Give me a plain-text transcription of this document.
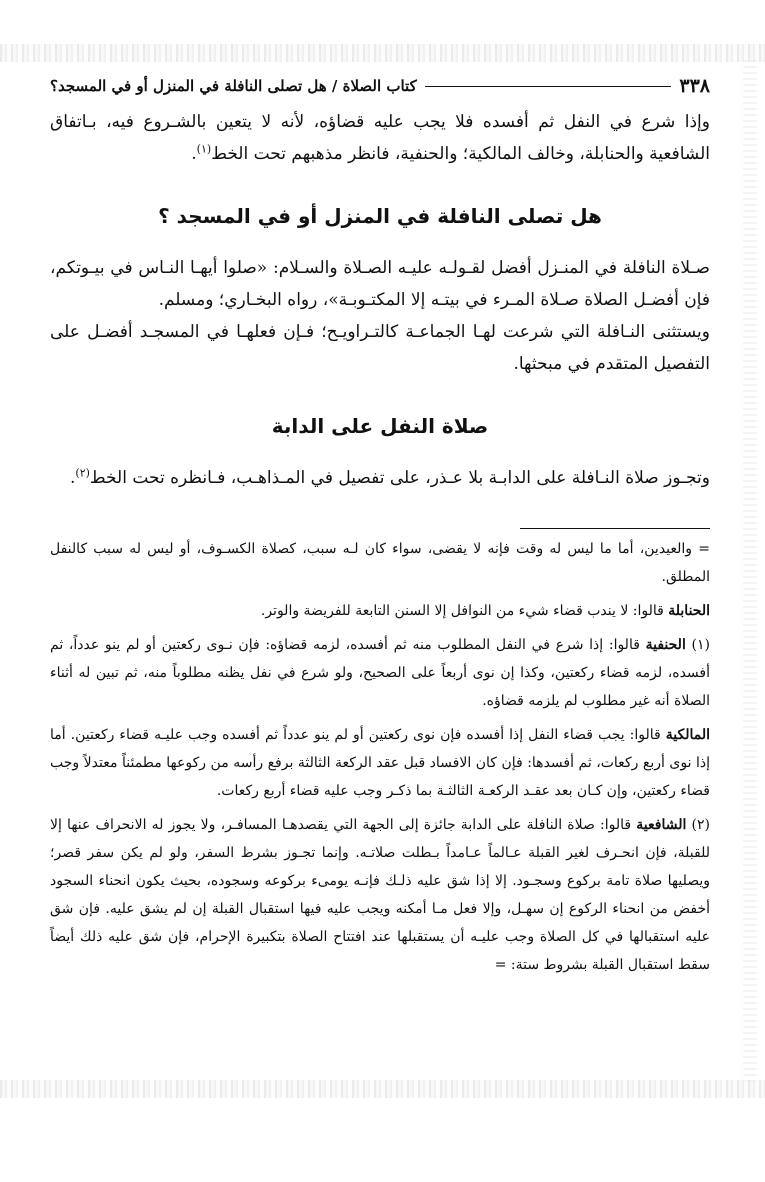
٣٣٨
كتاب الصلاة / هل تصلى النافلة في المنزل أو في المسجد؟

وإذا شرع في النفل ثم أفسده فلا يجب عليه قضاؤه، لأنه لا يتعين بالشـروع فيه، بـاتفاق الشافعية والحنابلة، وخالف المالكية؛ والحنفية، فانظر مذهبهم تحت الخط$^{(١)}$.

هل تصلى النافلة في المنزل أو في المسجد ؟

صـلاة النافلة في المنـزل أفضل لقـولـه عليـه الصـلاة والسـلام: «صلوا أيهـا النـاس في بيـوتكم، فإن أفضـل الصلاة صـلاة المـرء في بيتـه إلا المكتـوبـة»، رواه البخـاري؛ ومسلم.

ويستثنى النـافلة التي شرعت لهـا الجماعـة كالتـراويـح؛ فـإن فعلهـا في المسجـد أفضـل على التفصيل المتقدم في مبحثها.

صلاة النفل على الدابة

وتجـوز صلاة النـافلة على الدابـة بلا عـذر، على تفصيل في المـذاهـب، فـانظره تحت الخط$^{(٢)}$.

= والعيدين، أما ما ليس له وقت فإنه لا يقضى، سواء كان لـه سبب، كصلاة الكسـوف، أو ليس له سبب كالنفل المطلق.

الحنابلة قالوا: لا يندب قضاء شيء من النوافل إلا السنن التابعة للفريضة والوتر.

(١) الحنفية قالوا: إذا شرع في النفل المطلوب منه ثم أفسده، لزمه قضاؤه: فإن نـوى ركعتين أو لم ينو عدداً، ثم أفسده، لزمه قضاء ركعتين، وكذا إن نوى أربعاً على الصحيح، ولو شرع في نفل يظنه مطلوباً منه، ثم تبين له أثناء الصلاة أنه غير مطلوب لم يلزمه قضاؤه.

المالكية قالوا: يجب قضاء النفل إذا أفسده فإن نوى ركعتين أو لم ينو عدداً ثم أفسده وجب عليـه قضاء ركعتين. أما إذا نوى أربع ركعات، ثم أفسدها: فإن كان الافساد قبل عقد الركعة الثالثة برفع رأسه من ركوعها مطمئناً معتدلاً وجب قضاء ركعتين، وإن كـان بعد عقـد الركعـة الثالثـة بما ذكـر وجب عليه قضاء أربع ركعات.

(٢) الشافعية قالوا: صلاة النافلة على الدابة جائزة إلى الجهة التي يقصدهـا المسافـر، ولا يجوز له الانحراف عنها إلا للقبلة، فإن انحـرف لغير القبلة عـالماً عـامداً بـطلت صلاتـه. وإنما تجـوز بشرط السفر، ولو لم يكن سفر قصر؛ ويصليها صلاة تامة بركوع وسجـود. إلا إذا شق عليه ذلـك فإنـه يومىء بركوعه وسجوده، بحيث يكون انحناء السجود أخفض من انحناء الركوع إن سهـل، وإلا فعل مـا أمكنه ويجب عليه فيها استقبال القبلة إن لم يشق عليه. فإن شق عليه استقبالها في كل الصلاة وجب عليـه أن يستقبلها عند افتتاح الصلاة بتكبيرة الإحرام، فإن شق عليه ذلك أيضاً سقط استقبال القبلة بشروط ستة: =
